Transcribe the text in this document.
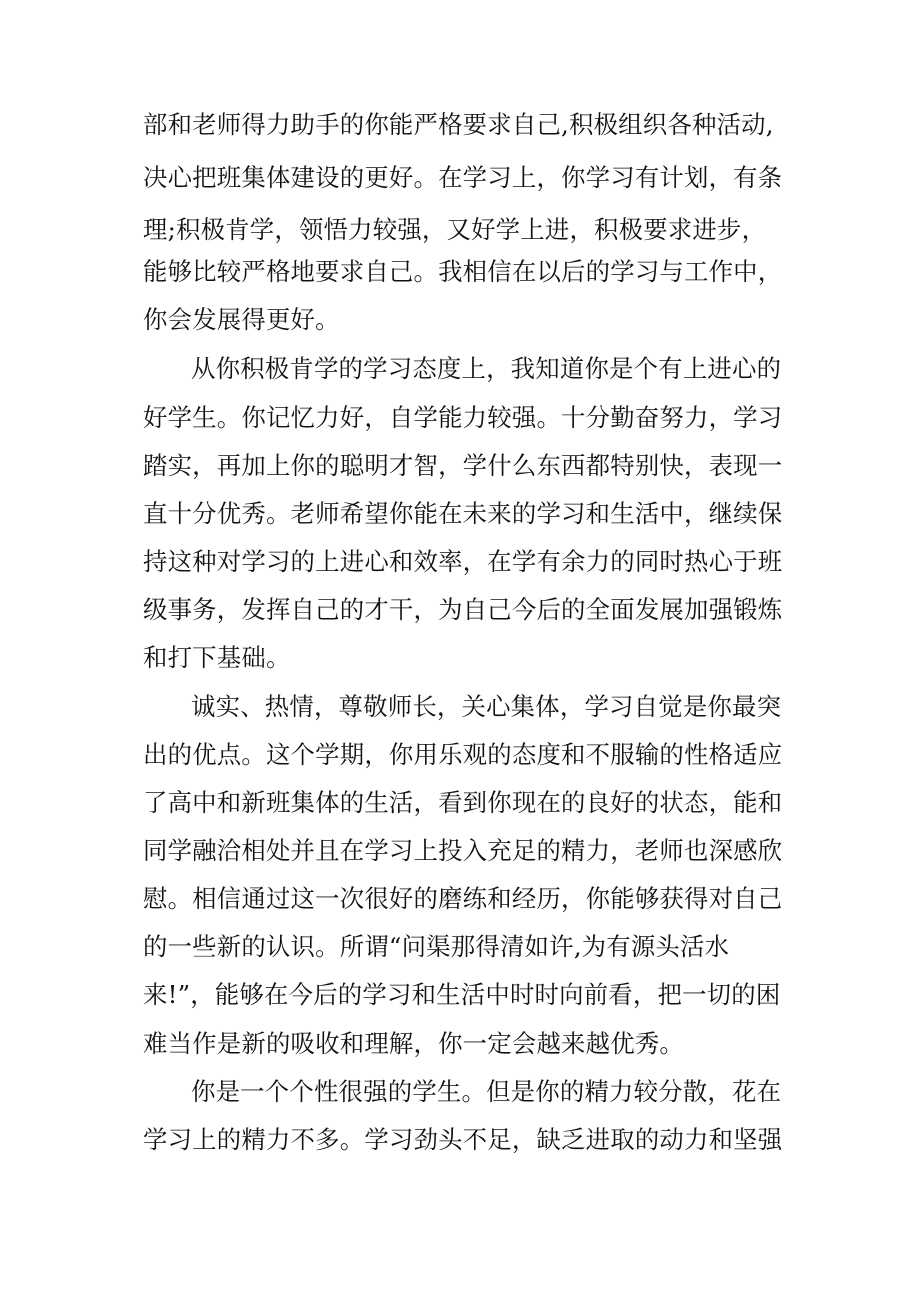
部和老师得力助手的你能严格要求自己,积极组织各种活动,
决心把班集体建设的更好。在学习上，你学习有计划，有条
理;积极肯学，领悟力较强，又好学上进，积极要求进步，
能够比较严格地要求自己。我相信在以后的学习与工作中，
你会发展得更好。
从你积极肯学的学习态度上，我知道你是个有上进心的
好学生。你记忆力好，自学能力较强。十分勤奋努力，学习
踏实，再加上你的聪明才智，学什么东西都特别快，表现一
直十分优秀。老师希望你能在未来的学习和生活中，继续保
持这种对学习的上进心和效率，在学有余力的同时热心于班
级事务，发挥自己的才干，为自己今后的全面发展加强锻炼
和打下基础。
诚实、热情，尊敬师长，关心集体，学习自觉是你最突
出的优点。这个学期，你用乐观的态度和不服输的性格适应
了高中和新班集体的生活，看到你现在的良好的状态，能和
同学融洽相处并且在学习上投入充足的精力，老师也深感欣
慰。相信通过这一次很好的磨练和经历，你能够获得对自己
的一些新的认识。所谓“问渠那得清如许,为有源头活水
来!”，能够在今后的学习和生活中时时向前看，把一切的困
难当作是新的吸收和理解，你一定会越来越优秀。
你是一个个性很强的学生。但是你的精力较分散，花在
学习上的精力不多。学习劲头不足，缺乏进取的动力和坚强
